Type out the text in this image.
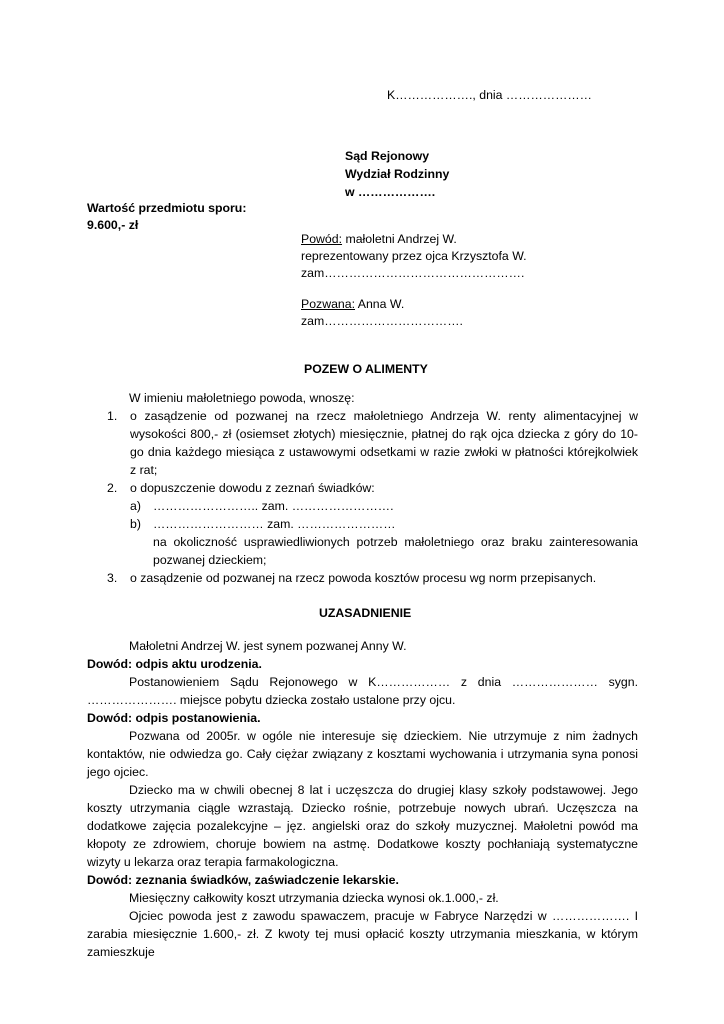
K………………., dnia …………………
Sąd Rejonowy
Wydział Rodzinny
w ……………….
Wartość przedmiotu sporu:
9.600,- zł
Powód: małoletni Andrzej W.
reprezentowany przez ojca Krzysztofa W.
zam………………………………………….
Pozwana: Anna W.
zam…………………………….
POZEW O ALIMENTY

W imieniu małoletniego powoda, wnoszę:

1. o zasądzenie od pozwanej na rzecz małoletniego Andrzeja W. renty alimentacyjnej w wysokości 800,- zł (osiemset złotych) miesięcznie, płatnej do rąk ojca dziecka z góry do 10-go dnia każdego miesiąca z ustawowymi odsetkami w razie zwłoki w płatności którejkolwiek z rat;
2. o dopuszczenie dowodu z zeznań świadków:
a) …………………….. zam. …………………….
b) ……………………… zam. ……………………
na okoliczność usprawiedliwionych potrzeb małoletniego oraz braku zainteresowania pozwanej dzieckiem;
3. o zasądzenie od pozwanej na rzecz powoda kosztów procesu wg norm przepisanych.
UZASADNIENIE

Małoletni Andrzej W. jest synem pozwanej Anny W.

Dowód: odpis aktu urodzenia.

Postanowieniem Sądu Rejonowego w K……………… z dnia ………………… sygn. …………………. miejsce pobytu dziecka zostało ustalone przy ojcu.

Dowód: odpis postanowienia.

Pozwana od 2005r. w ogóle nie interesuje się dzieckiem. Nie utrzymuje z nim żadnych kontaktów, nie odwiedza go. Cały ciężar związany z kosztami wychowania i utrzymania syna ponosi jego ojciec.

Dziecko ma w chwili obecnej 8 lat i uczęszcza do drugiej klasy szkoły podstawowej. Jego koszty utrzymania ciągle wzrastają. Dziecko rośnie, potrzebuje nowych ubrań. Uczęszcza na dodatkowe zajęcia pozalekcyjne – jęz. angielski oraz do szkoły muzycznej. Małoletni powód ma kłopoty ze zdrowiem, choruje bowiem na astmę. Dodatkowe koszty pochłaniają systematyczne wizyty u lekarza oraz terapia farmakologiczna.

Dowód: zeznania świadków, zaświadczenie lekarskie.

Miesięczny całkowity koszt utrzymania dziecka wynosi ok.1.000,- zł.

Ojciec powoda jest z zawodu spawaczem, pracuje w Fabryce Narzędzi w ………………. I zarabia miesięcznie 1.600,- zł. Z kwoty tej musi opłacić koszty utrzymania mieszkania, w którym zamieszkuje
